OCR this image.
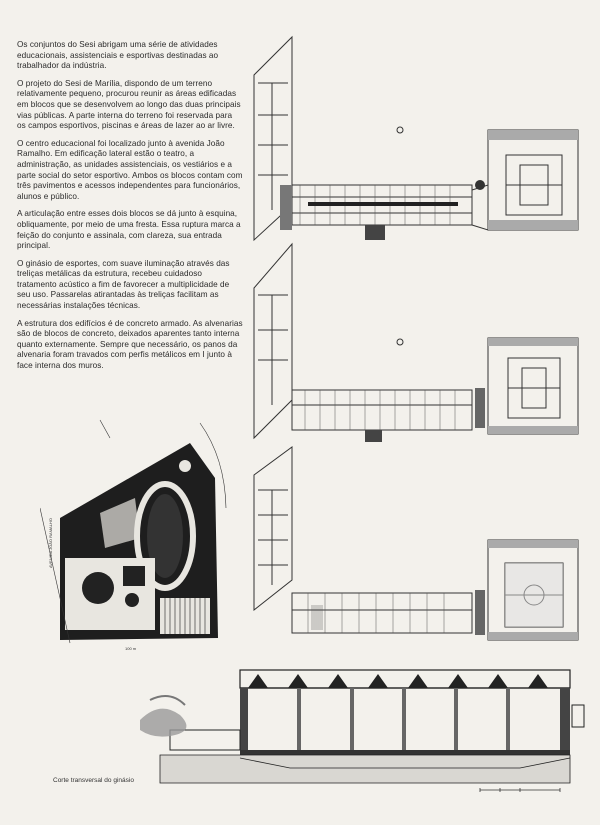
Os conjuntos do Sesi abrigam uma série de atividades educacionais, assistenciais e esportivas destinadas ao trabalhador da indústria.

O projeto do Sesi de Marília, dispondo de um terreno relativamente pequeno, procurou reunir as áreas edificadas em blocos que se desenvolvem ao longo das duas principais vias públicas. A parte interna do terreno foi reservada para os campos esportivos, piscinas e áreas de lazer ao ar livre.

O centro educacional foi localizado junto à avenida João Ramalho. Em edificação lateral estão o teatro, a administração, as unidades assistenciais, os vestiários e a parte social do setor esportivo. Ambos os blocos contam com três pavimentos e acessos independentes para funcionários, alunos e público.

A articulação entre esses dois blocos se dá junto à esquina, obliquamente, por meio de uma fresta. Essa ruptura marca a feição do conjunto e assinala, com clareza, sua entrada principal.

O ginásio de esportes, com suave iluminação através das treliças metálicas da estrutura, recebeu cuidadoso tratamento acústico a fim de favorecer a multiplicidade de seu uso. Passarelas atirantadas às treliças facilitam as necessárias instalações técnicas.

A estrutura dos edifícios é de concreto armado. As alvenarias são de blocos de concreto, deixados aparentes tanto interna quanto externamente. Sempre que necessário, os panos da alvenaria foram travados com perfis metálicos em I junto à face interna dos muros.

AVENIDA JOÃO RAMALHO
100 m
Corte transversal do ginásio
